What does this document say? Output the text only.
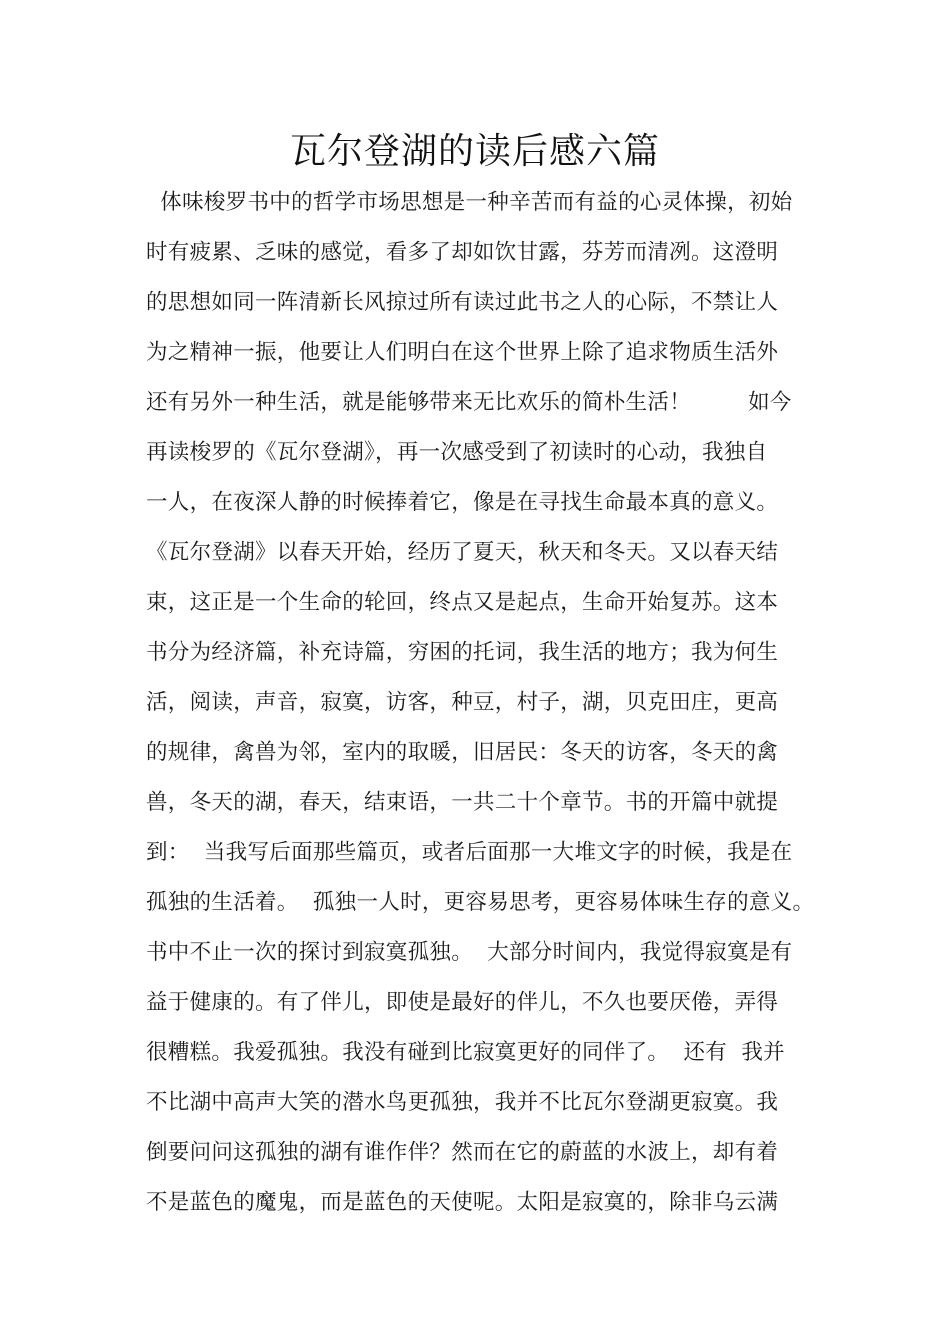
瓦尔登湖的读后感六篇
体味梭罗书中的哲学市场思想是一种辛苦而有益的心灵体操，初始
时有疲累、乏味的感觉，看多了却如饮甘露，芬芳而清冽。这澄明
的思想如同一阵清新长风掠过所有读过此书之人的心际，不禁让人
为之精神一振，他要让人们明白在这个世界上除了追求物质生活外
还有另外一种生活，就是能够带来无比欢乐的简朴生活！        如今
再读梭罗的《瓦尔登湖》，再一次感受到了初读时的心动，我独自
一人，在夜深人静的时候捧着它，像是在寻找生命最本真的意义。
《瓦尔登湖》以春天开始，经历了夏天，秋天和冬天。又以春天结
束，这正是一个生命的轮回，终点又是起点，生命开始复苏。这本
书分为经济篇，补充诗篇，穷困的托词，我生活的地方；我为何生
活，阅读，声音，寂寞，访客，种豆，村子，湖，贝克田庄，更高
的规律，禽兽为邻，室内的取暖，旧居民：冬天的访客，冬天的禽
兽，冬天的湖，春天，结束语，一共二十个章节。书的开篇中就提
到：  当我写后面那些篇页，或者后面那一大堆文字的时候，我是在
孤独的生活着。  孤独一人时，更容易思考，更容易体味生存的意义。
书中不止一次的探讨到寂寞孤独。  大部分时间内，我觉得寂寞是有
益于健康的。有了伴儿，即使是最好的伴儿，不久也要厌倦，弄得
很糟糕。我爱孤独。我没有碰到比寂寞更好的同伴了。  还有  我并
不比湖中高声大笑的潜水鸟更孤独，我并不比瓦尔登湖更寂寞。我
倒要问问这孤独的湖有谁作伴？然而在它的蔚蓝的水波上，却有着
不是蓝色的魔鬼，而是蓝色的天使呢。太阳是寂寞的，除非乌云满
